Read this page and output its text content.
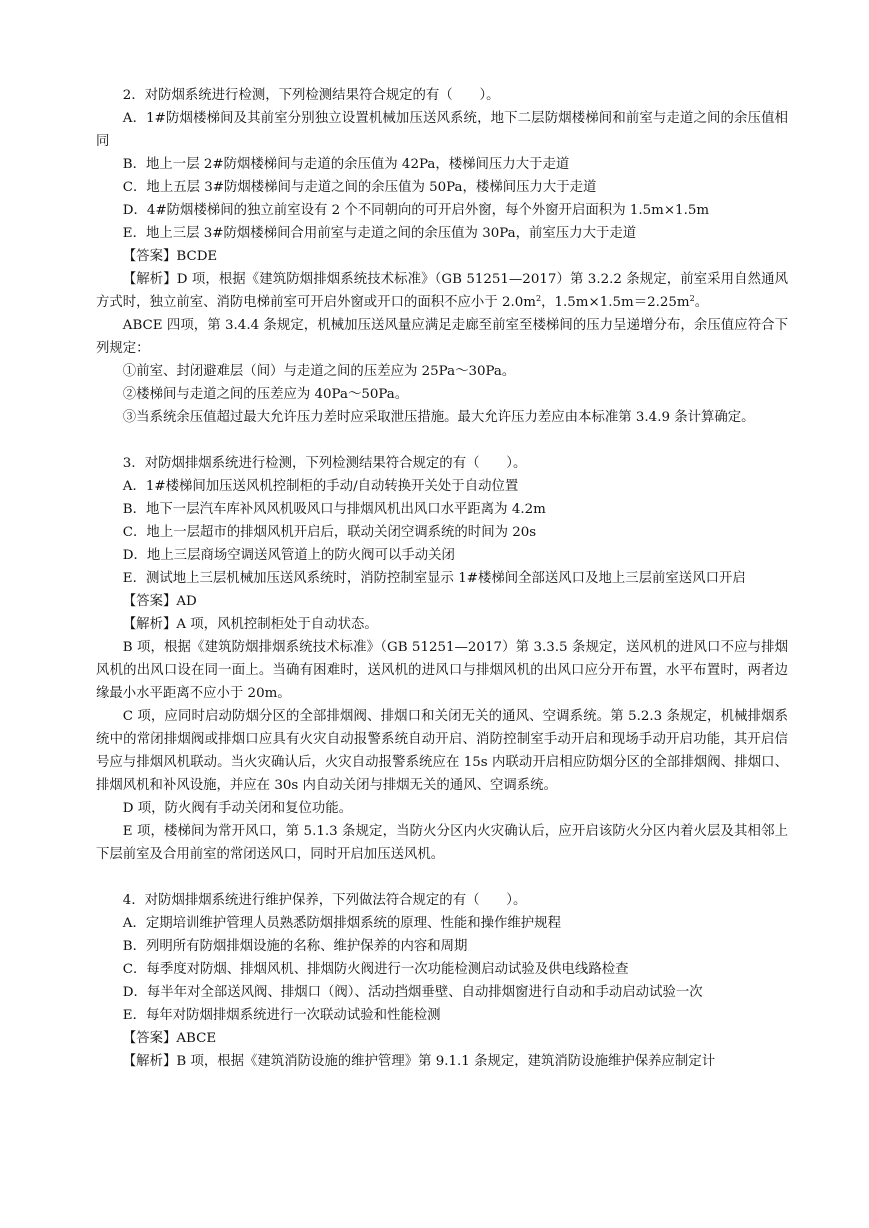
2．对防烟系统进行检测，下列检测结果符合规定的有（　　）。

A．1#防烟楼梯间及其前室分别独立设置机械加压送风系统，地下二层防烟楼梯间和前室与走道之间的余压值相同

B．地上一层 2#防烟楼梯间与走道的余压值为 42Pa，楼梯间压力大于走道

C．地上五层 3#防烟楼梯间与走道之间的余压值为 50Pa，楼梯间压力大于走道

D．4#防烟楼梯间的独立前室设有 2 个不同朝向的可开启外窗，每个外窗开启面积为 1.5m×1.5m

E．地上三层 3#防烟楼梯间合用前室与走道之间的余压值为 30Pa，前室压力大于走道

【答案】BCDE

【解析】D 项，根据《建筑防烟排烟系统技术标准》（GB 51251—2017）第 3.2.2 条规定，前室采用自然通风方式时，独立前室、消防电梯前室可开启外窗或开口的面积不应小于 $2.0m^2$，$1.5m\times 1.5m=2.25m^2$。

ABCE 四项，第 3.4.4 条规定，机械加压送风量应满足走廊至前室至楼梯间的压力呈递增分布，余压值应符合下列规定：

①前室、封闭避难层（间）与走道之间的压差应为 25Pa～30Pa。

②楼梯间与走道之间的压差应为 40Pa～50Pa。

③当系统余压值超过最大允许压力差时应采取泄压措施。最大允许压力差应由本标准第 3.4.9 条计算确定。

3．对防烟排烟系统进行检测，下列检测结果符合规定的有（　　）。

A．1#楼梯间加压送风机控制柜的手动/自动转换开关处于自动位置

B．地下一层汽车库补风风机吸风口与排烟风机出风口水平距离为 4.2m

C．地上一层超市的排烟风机开启后，联动关闭空调系统的时间为 20s

D．地上三层商场空调送风管道上的防火阀可以手动关闭

E．测试地上三层机械加压送风系统时，消防控制室显示 1#楼梯间全部送风口及地上三层前室送风口开启

【答案】AD

【解析】A 项，风机控制柜处于自动状态。

B 项，根据《建筑防烟排烟系统技术标准》（GB 51251—2017）第 3.3.5 条规定，送风机的进风口不应与排烟风机的出风口设在同一面上。当确有困难时，送风机的进风口与排烟风机的出风口应分开布置，水平布置时，两者边缘最小水平距离不应小于 20m。

C 项，应同时启动防烟分区的全部排烟阀、排烟口和关闭无关的通风、空调系统。第 5.2.3 条规定，机械排烟系统中的常闭排烟阀或排烟口应具有火灾自动报警系统自动开启、消防控制室手动开启和现场手动开启功能，其开启信号应与排烟风机联动。当火灾确认后，火灾自动报警系统应在 15s 内联动开启相应防烟分区的全部排烟阀、排烟口、排烟风机和补风设施，并应在 30s 内自动关闭与排烟无关的通风、空调系统。

D 项，防火阀有手动关闭和复位功能。

E 项，楼梯间为常开风口，第 5.1.3 条规定，当防火分区内火灾确认后，应开启该防火分区内着火层及其相邻上下层前室及合用前室的常闭送风口，同时开启加压送风机。

4．对防烟排烟系统进行维护保养，下列做法符合规定的有（　　）。

A．定期培训维护管理人员熟悉防烟排烟系统的原理、性能和操作维护规程

B．列明所有防烟排烟设施的名称、维护保养的内容和周期

C．每季度对防烟、排烟风机、排烟防火阀进行一次功能检测启动试验及供电线路检查

D．每半年对全部送风阀、排烟口（阀）、活动挡烟垂壁、自动排烟窗进行自动和手动启动试验一次

E．每年对防烟排烟系统进行一次联动试验和性能检测

【答案】ABCE

【解析】B 项，根据《建筑消防设施的维护管理》第 9.1.1 条规定，建筑消防设施维护保养应制定计
